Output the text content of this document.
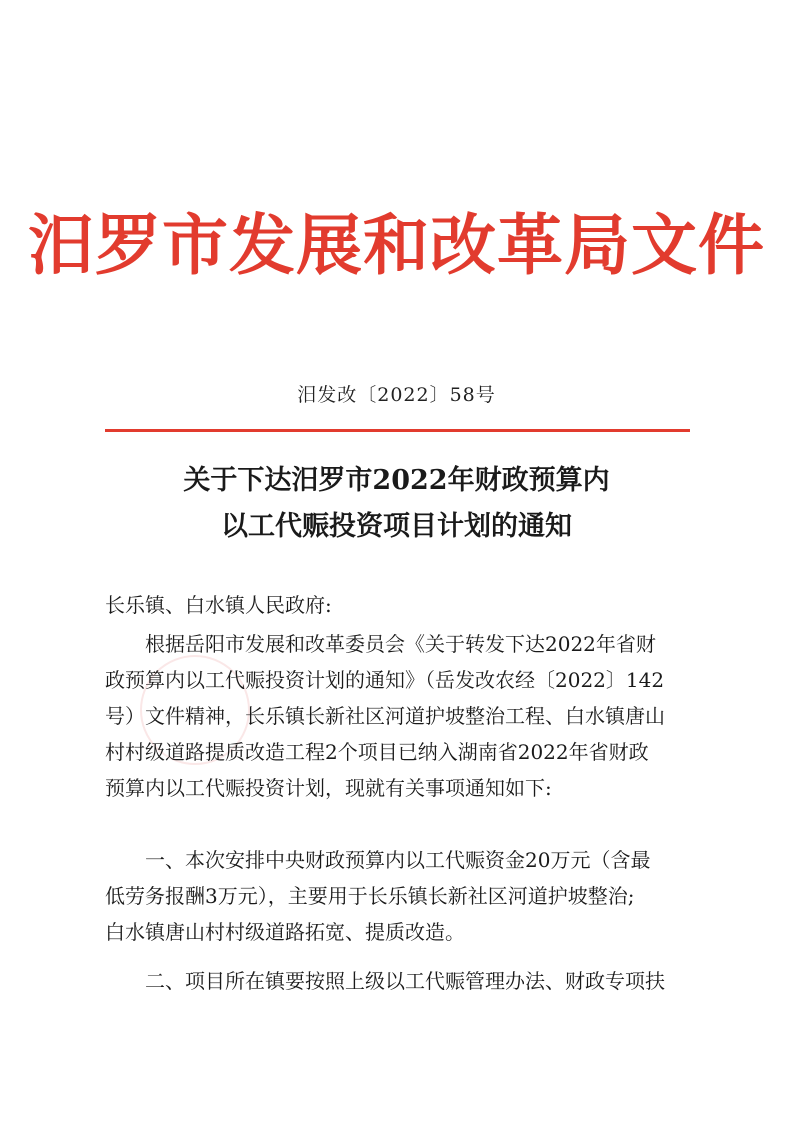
汨罗市发展和改革局文件
汨发改〔2022〕58号
关于下达汨罗市2022年财政预算内
以工代赈投资项目计划的通知
长乐镇、白水镇人民政府:
根据岳阳市发展和改革委员会《关于转发下达2022年省财
政预算内以工代赈投资计划的通知》（岳发改农经〔2022〕142
号）文件精神，长乐镇长新社区河道护坡整治工程、白水镇唐山
村村级道路提质改造工程2个项目已纳入湖南省2022年省财政
预算内以工代赈投资计划，现就有关事项通知如下:
一、本次安排中央财政预算内以工代赈资金20万元（含最
低劳务报酬3万元），主要用于长乐镇长新社区河道护坡整治;
白水镇唐山村村级道路拓宽、提质改造。
二、项目所在镇要按照上级以工代赈管理办法、财政专项扶
